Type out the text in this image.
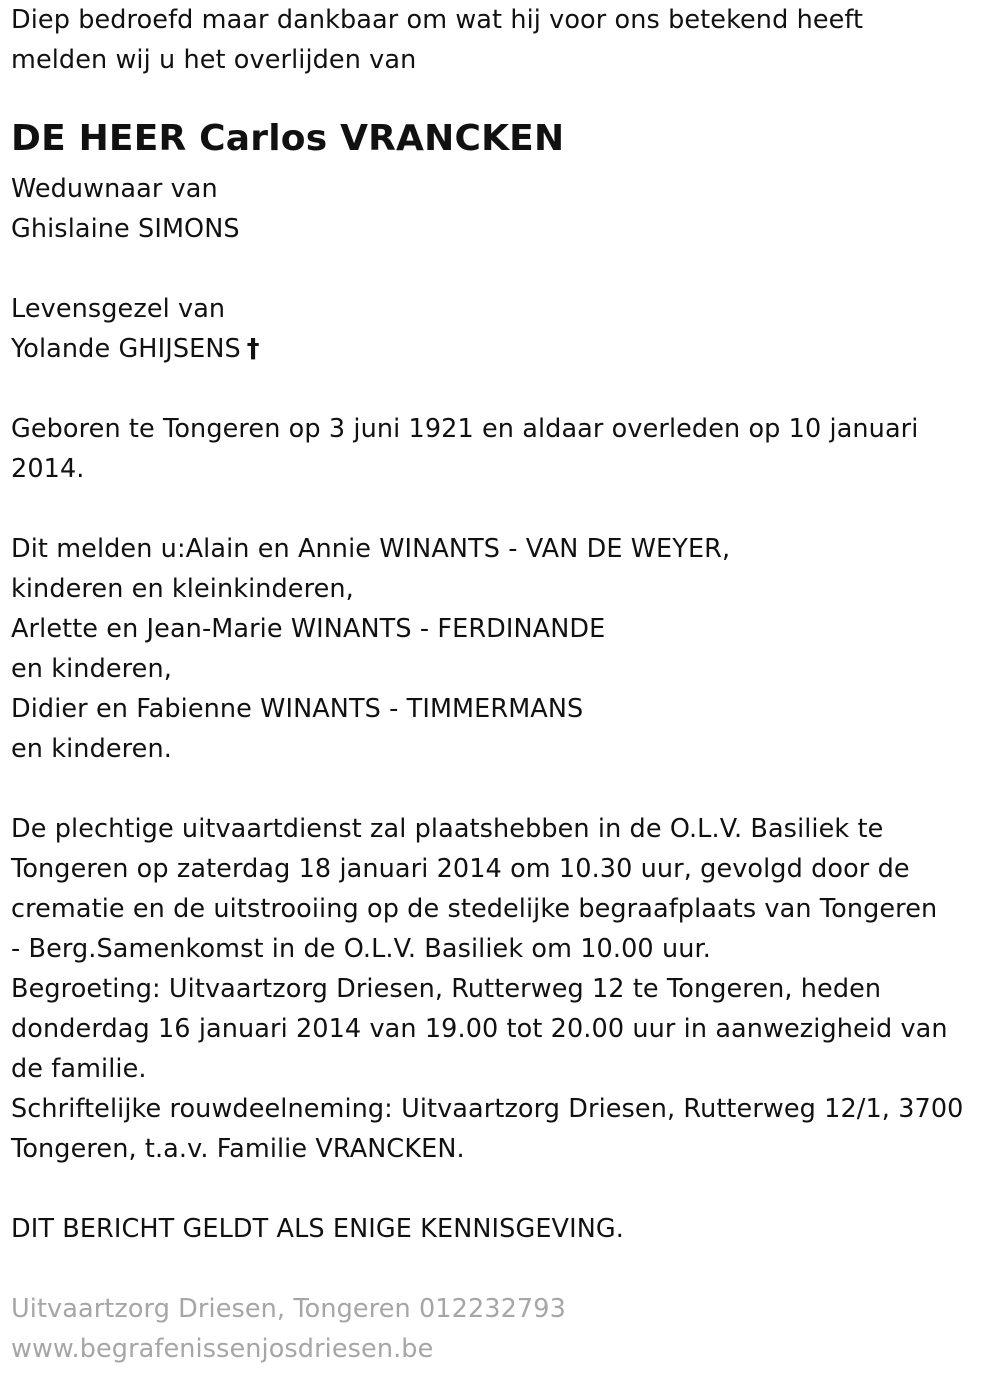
Diep bedroefd maar dankbaar om wat hij voor ons betekend heeft
melden wij u het overlijden van
DE HEER Carlos VRANCKEN
Weduwnaar van
Ghislaine SIMONS
Levensgezel van
Yolande GHIJSENS †
Geboren te Tongeren op 3 juni 1921 en aldaar overleden op 10 januari
2014.
Dit melden u:Alain en Annie WINANTS - VAN DE WEYER,
kinderen en kleinkinderen,
Arlette en Jean-Marie WINANTS - FERDINANDE
en kinderen,
Didier en Fabienne WINANTS - TIMMERMANS
en kinderen.
De plechtige uitvaartdienst zal plaatshebben in de O.L.V. Basiliek te
Tongeren op zaterdag 18 januari 2014 om 10.30 uur, gevolgd door de
crematie en de uitstrooiing op de stedelijke begraafplaats van Tongeren
- Berg.Samenkomst in de O.L.V. Basiliek om 10.00 uur.
Begroeting: Uitvaartzorg Driesen, Rutterweg 12 te Tongeren, heden
donderdag 16 januari 2014 van 19.00 tot 20.00 uur in aanwezigheid van
de familie.
Schriftelijke rouwdeelneming: Uitvaartzorg Driesen, Rutterweg 12/1, 3700
Tongeren, t.a.v. Familie VRANCKEN.
DIT BERICHT GELDT ALS ENIGE KENNISGEVING.
Uitvaartzorg Driesen, Tongeren 012232793
www.begrafenissenjosdriesen.be
